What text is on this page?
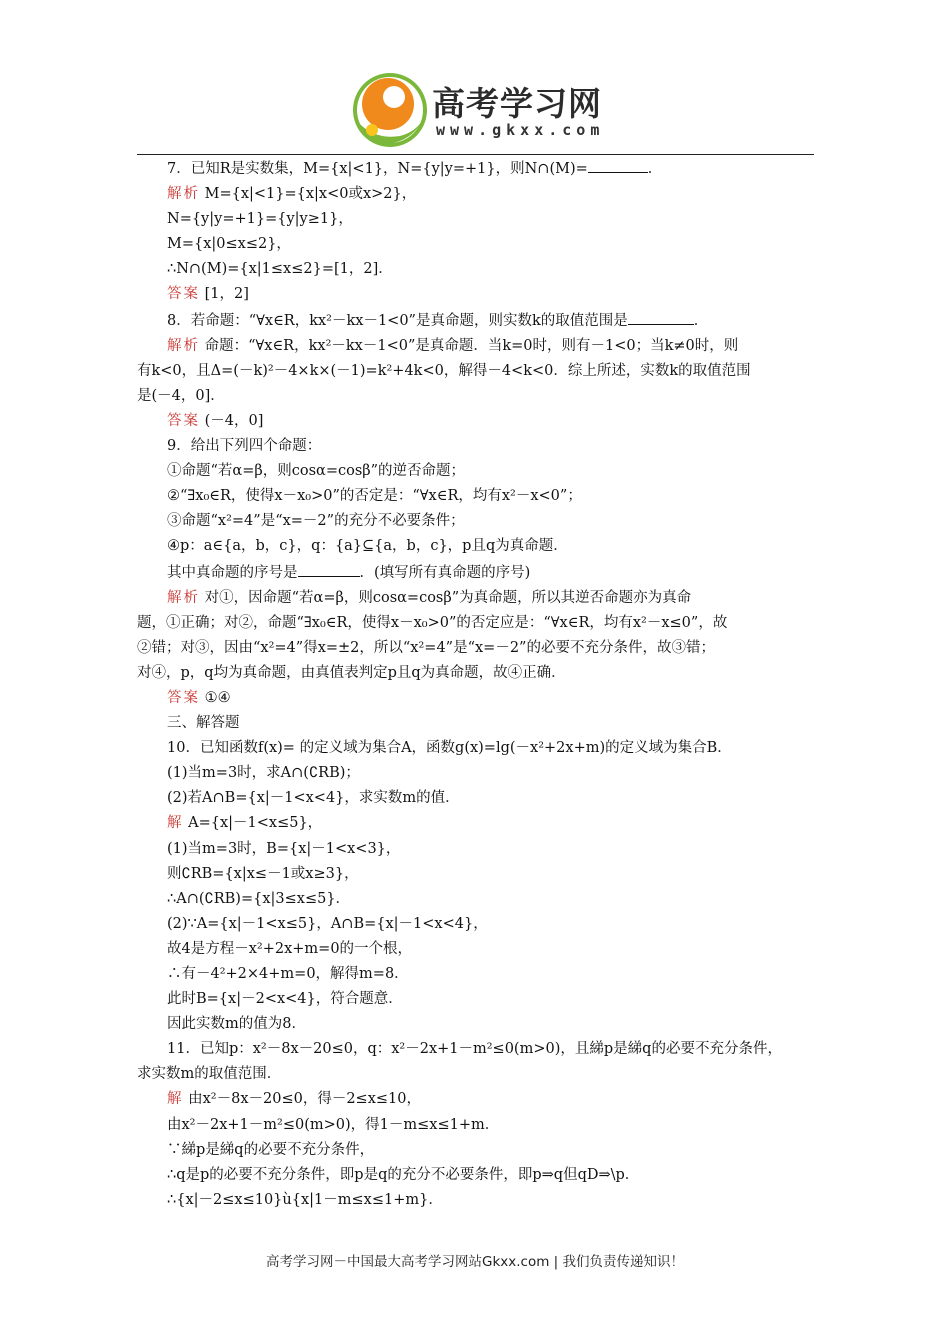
高考学习网
www.gkxx.com
7．已知R是实数集，M={x|<1}，N={y|y=+1}，则N∩(M)=	．
解析 M={x|<1}={x|x<0或x>2}，
N={y|y=+1}={y|y≥1}，
M={x|0≤x≤2}，
∴N∩(M)={x|1≤x≤2}=[1，2]．
答案 [1，2]
8．若命题：“∀x∈R，kx²－kx－1<0”是真命题，则实数k的取值范围是	．
解析 命题：“∀x∈R，kx²－kx－1<0”是真命题．当k=0时，则有－1<0；当k≠0时，则
有k<0，且Δ=(－k)²－4×k×(－1)=k²+4k<0，解得－4<k<0．综上所述，实数k的取值范围
是(－4，0]．
答案 (－4，0]
9．给出下列四个命题：
①命题“若α=β，则cosα=cosβ”的逆否命题；
②“∃x₀∈R，使得x－x₀>0”的否定是：“∀x∈R，均有x²－x<0”；
③命题“x²=4”是“x=－2”的充分不必要条件；
④p：a∈{a，b，c}，q：{a}⊆{a，b，c}，p且q为真命题．
其中真命题的序号是	．(填写所有真命题的序号)
解析 对①，因命题“若α=β，则cosα=cosβ”为真命题，所以其逆否命题亦为真命
题，①正确；对②，命题“∃x₀∈R，使得x－x₀>0”的否定应是：“∀x∈R，均有x²－x≤0”，故
②错；对③，因由“x²=4”得x=±2，所以“x²=4”是“x=－2”的必要不充分条件，故③错；
对④，p，q均为真命题，由真值表判定p且q为真命题，故④正确．
答案 ①④
三、解答题
10．已知函数f(x)= 的定义域为集合A，函数g(x)=lg(－x²+2x+m)的定义域为集合B．
(1)当m=3时，求A∩(∁RB)；
(2)若A∩B={x|－1<x<4}，求实数m的值．
解 A={x|－1<x≤5}，
(1)当m=3时，B={x|－1<x<3}，
则∁RB={x|x≤－1或x≥3}，
∴A∩(∁RB)={x|3≤x≤5}．
(2)∵A={x|－1<x≤5}，A∩B={x|－1<x<4}，
故4是方程－x²+2x+m=0的一个根，
∴有－4²+2×4+m=0，解得m=8．
此时B={x|－2<x<4}，符合题意．
因此实数m的值为8．
11．已知p：x²－8x－20≤0，q：x²－2x+1－m²≤0(m>0)，且綈p是綈q的必要不充分条件，
求实数m的取值范围．
解 由x²－8x－20≤0，得－2≤x≤10，
由x²－2x+1－m²≤0(m>0)，得1－m≤x≤1+m．
∵綈p是綈q的必要不充分条件，
∴q是p的必要不充分条件，即p是q的充分不必要条件，即p⇒q但qD⇒\p．
∴{x|－2≤x≤10}ù{x|1－m≤x≤1+m}．
高考学习网－中国最大高考学习网站Gkxx.com | 我们负责传递知识！
